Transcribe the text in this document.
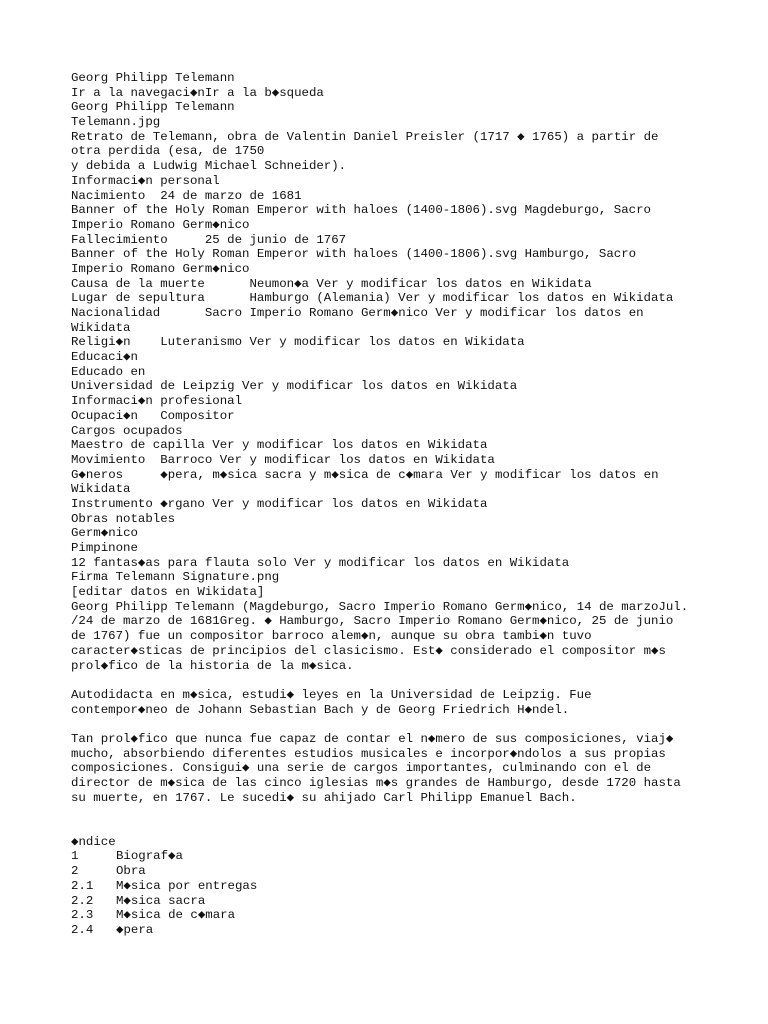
Georg Philipp Telemann
Ir a la navegaci◆nIr a la b◆squeda
Georg Philipp Telemann
Telemann.jpg
Retrato de Telemann, obra de Valentin Daniel Preisler (1717 ◆ 1765) a partir de
otra perdida (esa, de 1750
y debida a Ludwig Michael Schneider).
Informaci◆n personal
Nacimiento  24 de marzo de 1681
Banner of the Holy Roman Emperor with haloes (1400-1806).svg Magdeburgo, Sacro
Imperio Romano Germ◆nico
Fallecimiento     25 de junio de 1767
Banner of the Holy Roman Emperor with haloes (1400-1806).svg Hamburgo, Sacro
Imperio Romano Germ◆nico
Causa de la muerte      Neumon◆a Ver y modificar los datos en Wikidata
Lugar de sepultura      Hamburgo (Alemania) Ver y modificar los datos en Wikidata
Nacionalidad      Sacro Imperio Romano Germ◆nico Ver y modificar los datos en
Wikidata
Religi◆n    Luteranismo Ver y modificar los datos en Wikidata
Educaci◆n
Educado en
Universidad de Leipzig Ver y modificar los datos en Wikidata
Informaci◆n profesional
Ocupaci◆n   Compositor
Cargos ocupados
Maestro de capilla Ver y modificar los datos en Wikidata
Movimiento  Barroco Ver y modificar los datos en Wikidata
G◆neros     ◆pera, m◆sica sacra y m◆sica de c◆mara Ver y modificar los datos en
Wikidata
Instrumento ◆rgano Ver y modificar los datos en Wikidata
Obras notables
Germ◆nico
Pimpinone
12 fantas◆as para flauta solo Ver y modificar los datos en Wikidata
Firma Telemann Signature.png
[editar datos en Wikidata]
Georg Philipp Telemann (Magdeburgo, Sacro Imperio Romano Germ◆nico, 14 de marzoJul.
/24 de marzo de 1681Greg. ◆ Hamburgo, Sacro Imperio Romano Germ◆nico, 25 de junio
de 1767) fue un compositor barroco alem◆n, aunque su obra tambi◆n tuvo
caracter◆sticas de principios del clasicismo. Est◆ considerado el compositor m◆s
prol◆fico de la historia de la m◆sica.
Autodidacta en m◆sica, estudi◆ leyes en la Universidad de Leipzig. Fue
contempor◆neo de Johann Sebastian Bach y de Georg Friedrich H◆ndel.
Tan prol◆fico que nunca fue capaz de contar el n◆mero de sus composiciones, viaj◆
mucho, absorbiendo diferentes estudios musicales e incorpor◆ndolos a sus propias
composiciones. Consigui◆ una serie de cargos importantes, culminando con el de
director de m◆sica de las cinco iglesias m◆s grandes de Hamburgo, desde 1720 hasta
su muerte, en 1767. Le sucedi◆ su ahijado Carl Philipp Emanuel Bach.
◆ndice
1	Biograf◆a
2	Obra
2.1 M◆sica por entregas
2.2 M◆sica sacra
2.3 M◆sica de c◆mara
2.4 ◆pera
